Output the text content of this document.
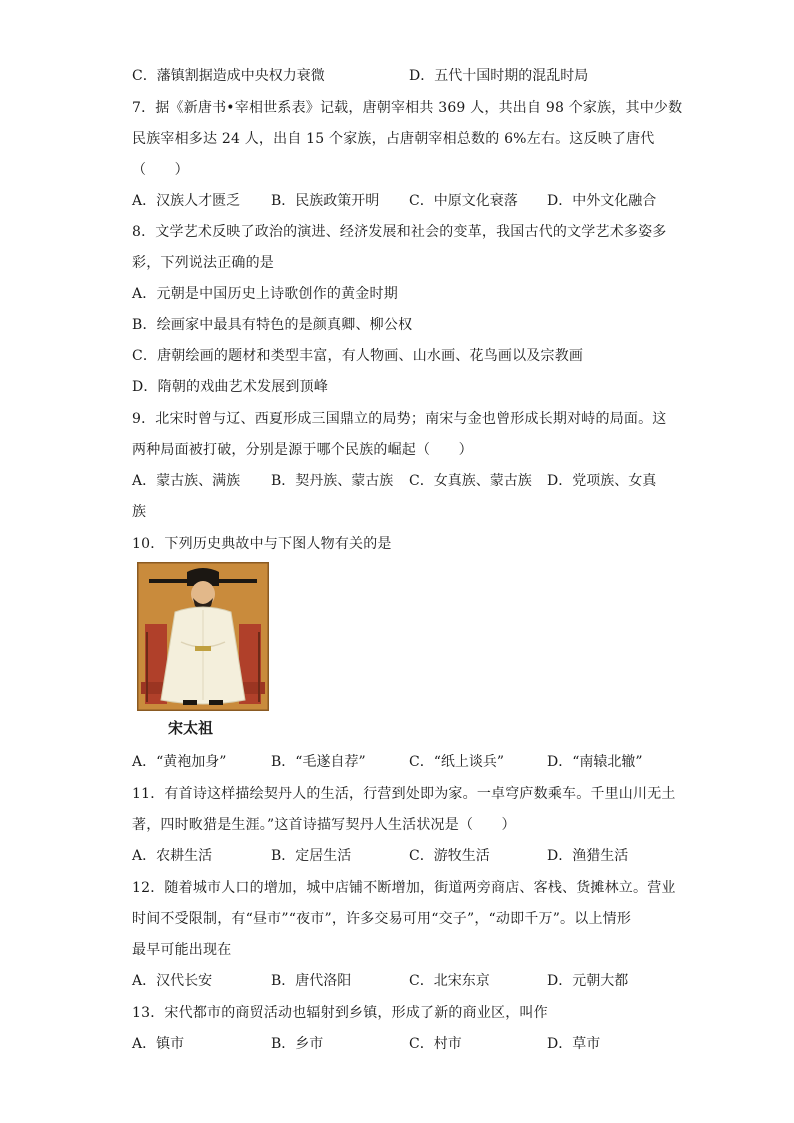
C．藩镇割据造成中央权力衰微	D．五代十国时期的混乱时局
7．据《新唐书•宰相世系表》记载，唐朝宰相共 369 人，共出自 98 个家族，其中少数
民族宰相多达 24 人，出自 15 个家族，占唐朝宰相总数的 6%左右。这反映了唐代
（　　）
A．汉族人才匮乏 B．民族政策开明 C．中原文化衰落 D．中外文化融合
8．文学艺术反映了政治的演进、经济发展和社会的变革，我国古代的文学艺术多姿多
彩，下列说法正确的是
A．元朝是中国历史上诗歌创作的黄金时期
B．绘画家中最具有特色的是颜真卿、柳公权
C．唐朝绘画的题材和类型丰富，有人物画、山水画、花鸟画以及宗教画
D．隋朝的戏曲艺术发展到顶峰
9．北宋时曾与辽、西夏形成三国鼎立的局势；南宋与金也曾形成长期对峙的局面。这
两种局面被打破，分别是源于哪个民族的崛起（　　）
A．蒙古族、满族 B．契丹族、蒙古族 C．女真族、蒙古族 D．党项族、女真
族
10．下列历史典故中与下图人物有关的是
宋太祖
A．“黄袍加身”	B．“毛遂自荐”	C．“纸上谈兵”	D．“南辕北辙”
11．有首诗这样描绘契丹人的生活，行营到处即为家。一卓穹庐数乘车。千里山川无土
著，四时畋猎是生涯。”这首诗描写契丹人生活状况是（　　）
A．农耕生活	B．定居生活	C．游牧生活	D．渔猎生活
12．随着城市人口的增加，城中店铺不断增加，街道两旁商店、客栈、货摊林立。营业
时间不受限制，有“昼市”“夜市”，许多交易可用“交子”，“动即千万”。以上情形
最早可能出现在
A．汉代长安	B．唐代洛阳	C．北宋东京	D．元朝大都
13．宋代都市的商贸活动也辐射到乡镇，形成了新的商业区，叫作
A．镇市	B．乡市	C．村市	D．草市
